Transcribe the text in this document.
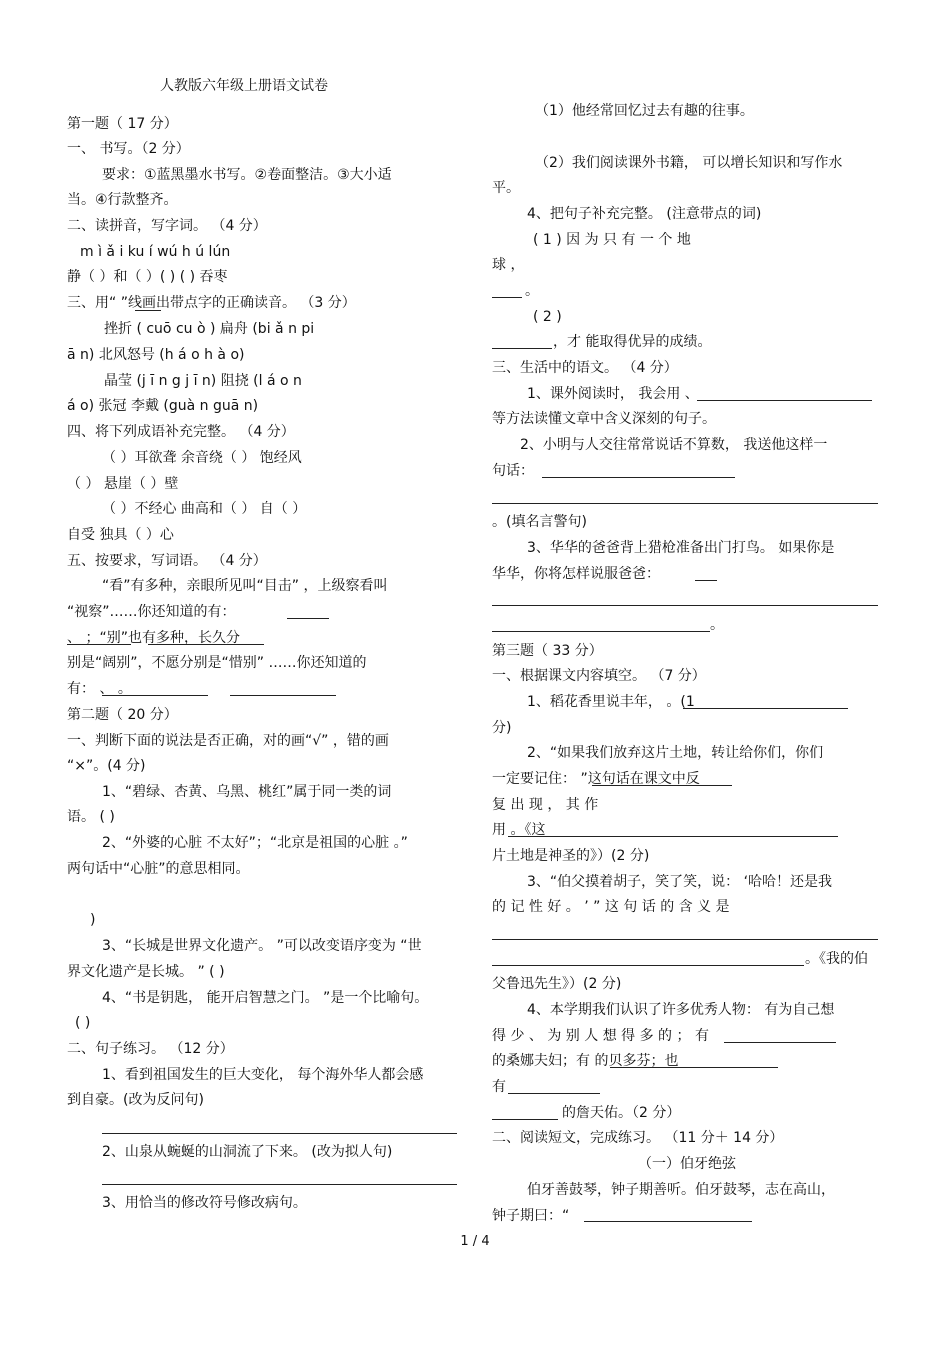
人教版六年级上册语文试卷
第一题（ 17 分）
一、 书写。（2 分）
要求：①蓝黑墨水书写。②卷面整洁。③大小适
当。④行款整齐。
二、读拼音，写字词。 （4 分）
m ì ǎ i ku í wú h ú lún
静（ ）和（ ）( ) ( ) 吞枣
三、用“ ”线画出带点字的正确读音。 （3 分）
挫折 ( cuō cu ò ) 扁舟 (bi ǎ n pi
ā n) 北风怒号 (h á o h à o)
晶莹 (j ī n g j ī n) 阻挠 (l á o n
á o) 张冠 李戴 (guà n guā n)
四、将下列成语补充完整。 （4 分）
（ ）耳欲聋 余音绕（ ） 饱经风
（ ） 悬崖（ ）壁
（ ）不经心 曲高和（ ） 自（ ）
自受 独具（ ）心
五、按要求，写词语。 （4 分）
“看”有多种，亲眼所见叫“目击” ，上级察看叫
“视察”……你还知道的有：
、 ；“别”也有多种，长久分
别是“阔别”，不愿分别是“惜别” ……你还知道的
有： 、 。
第二题（ 20 分）
一、判断下面的说法是否正确，对的画“√” ，错的画
“×”。(4 分)
1、“碧绿、杏黄、乌黑、桃红”属于同一类的词
语。 ( )
2、“外婆的心脏 不太好”；“北京是祖国的心脏 。”
两句话中“心脏”的意思相同。
)
3、“长城是世界文化遗产。 ”可以改变语序变为 “世
界文化遗产是长城。 ” ( )
4、“书是钥匙， 能开启智慧之门。 ”是一个比喻句。
( )
二、句子练习。 （12 分）
1、看到祖国发生的巨大变化， 每个海外华人都会感
到自豪。(改为反问句)
2、山泉从蜿蜒的山洞流了下来。 (改为拟人句)
3、用恰当的修改符号修改病句。
（1）他经常回忆过去有趣的往事。
（2）我们阅读课外书籍， 可以增长知识和写作水
平。
4、把句子补充完整。 (注意带点的词)
( 1 ) 因 为 只 有 一 个 地
球 ，
。
( 2 )
，才 能取得优异的成绩。
三、生活中的语文。 （4 分）
1、课外阅读时， 我会用 、
等方法读懂文章中含义深刻的句子。
2、小明与人交往常常说话不算数， 我送他这样一
句话：
。(填名言警句)
3、华华的爸爸背上猎枪准备出门打鸟。 如果你是
华华，你将怎样说服爸爸：
。
第三题（ 33 分）
一、根据课文内容填空。 （7 分）
1、稻花香里说丰年， 。(1
分)
2、“如果我们放弃这片土地，转让给你们，你们
一定要记住： ”这句话在课文中反
复 出 现 ， 其 作
用 。《这
片土地是神圣的》）(2 分)
3、“伯父摸着胡子，笑了笑，说： ‘哈哈！还是我
的 记 性 好 。 ’ ” 这 句 话 的 含 义 是
。《我的伯
父鲁迅先生》）(2 分)
4、本学期我们认识了许多优秀人物： 有为自己想
得 少 、 为 别 人 想 得 多 的 ； 有
的桑娜夫妇；有 的贝多芬；也
有
的詹天佑。（2 分）
二、阅读短文，完成练习。 （11 分＋ 14 分）
（一）伯牙绝弦
伯牙善鼓琴，钟子期善听。伯牙鼓琴，志在高山，
钟子期曰：“
1 / 4
